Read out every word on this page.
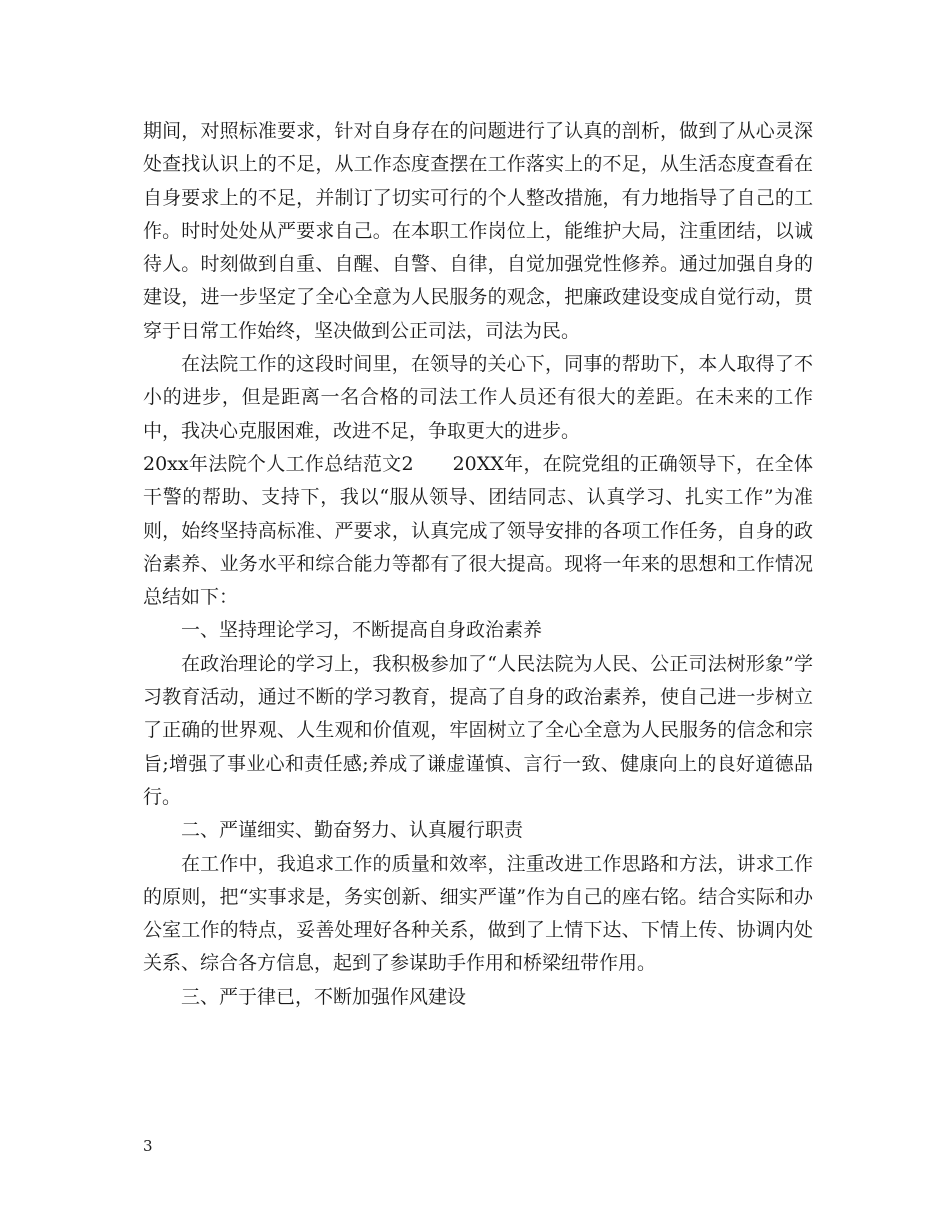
期间，对照标准要求，针对自身存在的问题进行了认真的剖析，做到了从心灵深处查找认识上的不足，从工作态度查摆在工作落实上的不足，从生活态度查看在自身要求上的不足，并制订了切实可行的个人整改措施，有力地指导了自己的工作。时时处处从严要求自己。在本职工作岗位上，能维护大局，注重团结，以诚待人。时刻做到自重、自醒、自警、自律，自觉加强党性修养。通过加强自身的建设，进一步坚定了全心全意为人民服务的观念，把廉政建设变成自觉行动，贯穿于日常工作始终，坚决做到公正司法，司法为民。

在法院工作的这段时间里，在领导的关心下，同事的帮助下，本人取得了不小的进步，但是距离一名合格的司法工作人员还有很大的差距。在未来的工作中，我决心克服困难，改进不足，争取更大的进步。

20xx年法院个人工作总结范文2　　20XX年，在院党组的正确领导下，在全体干警的帮助、支持下，我以“服从领导、团结同志、认真学习、扎实工作”为准则，始终坚持高标准、严要求，认真完成了领导安排的各项工作任务，自身的政治素养、业务水平和综合能力等都有了很大提高。现将一年来的思想和工作情况总结如下：

一、坚持理论学习，不断提高自身政治素养

在政治理论的学习上，我积极参加了“人民法院为人民、公正司法树形象”学习教育活动，通过不断的学习教育，提高了自身的政治素养，使自己进一步树立了正确的世界观、人生观和价值观，牢固树立了全心全意为人民服务的信念和宗旨;增强了事业心和责任感;养成了谦虚谨慎、言行一致、健康向上的良好道德品行。

二、严谨细实、勤奋努力、认真履行职责

在工作中，我追求工作的质量和效率，注重改进工作思路和方法，讲求工作的原则，把“实事求是，务实创新、细实严谨”作为自己的座右铭。结合实际和办公室工作的特点，妥善处理好各种关系，做到了上情下达、下情上传、协调内处关系、综合各方信息，起到了参谋助手作用和桥梁纽带作用。

三、严于律已，不断加强作风建设

3
